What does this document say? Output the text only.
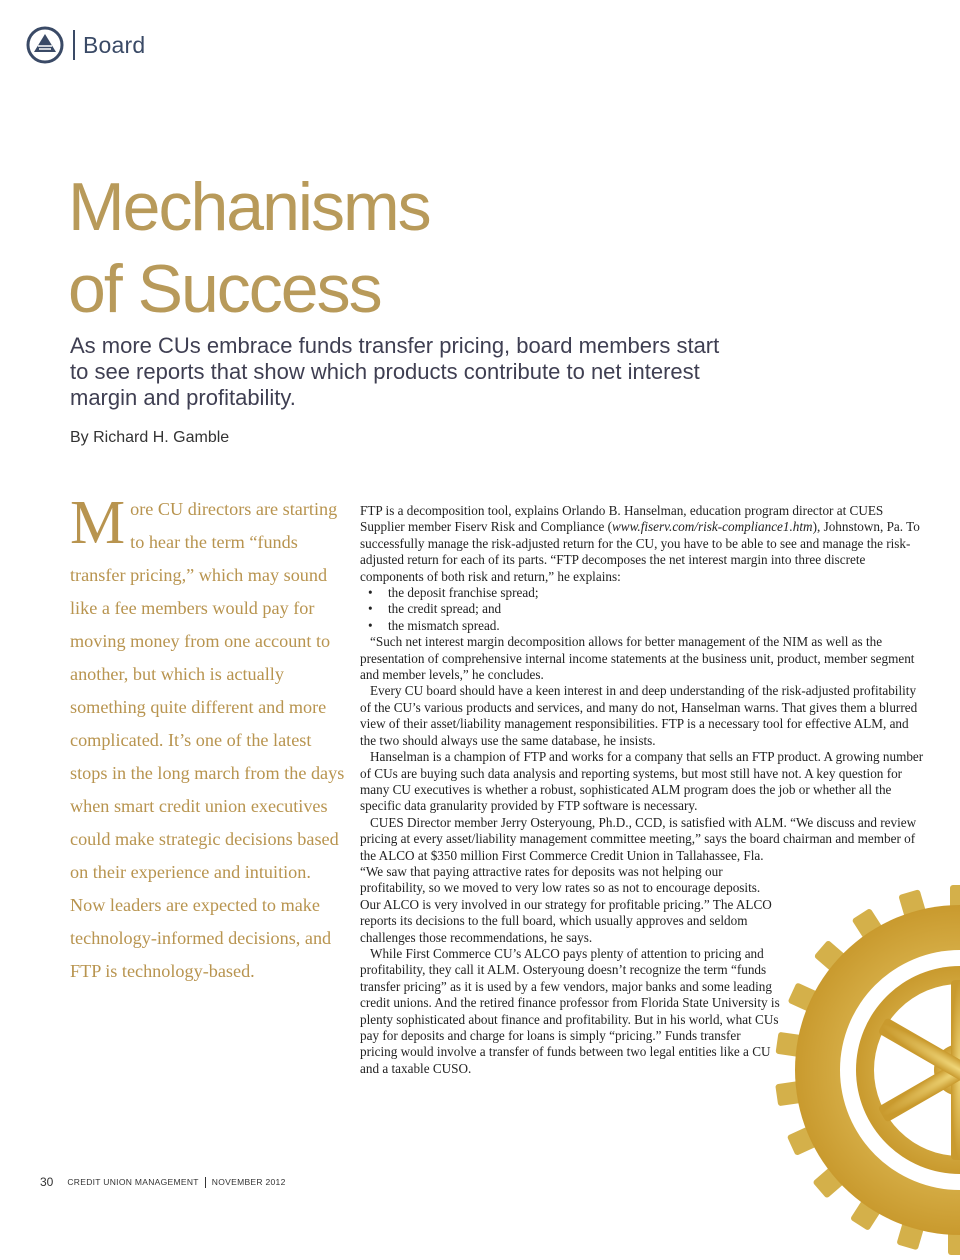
Board
Mechanisms
of Success

As more CUs embrace funds transfer pricing, board members start to see reports that show which products contribute to net interest margin and profitability.

By Richard H. Gamble

More CU directors are starting to hear the term “funds transfer pricing,” which may sound like a fee members would pay for moving money from one account to another, but which is actually something quite different and more complicated. It’s one of the latest stops in the long march from the days when smart credit union executives could make strategic decisions based on their experience and intuition. Now leaders are expected to make technology-informed decisions, and FTP is technology-based.

FTP is a decomposition tool, explains Orlando B. Hanselman, education program director at CUES Supplier member Fiserv Risk and Compliance (www.fiserv.com/risk-compliance1.htm), Johnstown, Pa. To successfully manage the risk-adjusted return for the CU, you have to be able to see and manage the risk-adjusted return for each of its parts. “FTP decomposes the net interest margin into three discrete components of both risk and return,” he explains:

• the deposit franchise spread;
• the credit spread; and
• the mismatch spread.

“Such net interest margin decomposition allows for better management of the NIM as well as the presentation of comprehensive internal income statements at the business unit, product, member segment and member levels,” he concludes.

Every CU board should have a keen interest in and deep understanding of the risk-adjusted profitability of the CU’s various products and services, and many do not, Hanselman warns. That gives them a blurred view of their asset/liability management responsibilities. FTP is a necessary tool for effective ALM, and the two should always use the same database, he insists.

Hanselman is a champion of FTP and works for a company that sells an FTP product. A growing number of CUs are buying such data analysis and reporting systems, but most still have not. A key question for many CU executives is whether a robust, sophisticated ALM program does the job or whether all the specific data granularity provided by FTP software is necessary.

CUES Director member Jerry Osteryoung, Ph.D., CCD, is satisfied with ALM. “We discuss and review pricing at every asset/liability management committee meeting,” says the board chairman and member of the ALCO at $350 million First Commerce Credit Union in Tallahassee, Fla.

“We saw that paying attractive rates for deposits was not helping our profitability, so we moved to very low rates so as not to encourage deposits. Our ALCO is very involved in our strategy for profitable pricing.” The ALCO reports its decisions to the full board, which usually approves and seldom challenges those recommendations, he says.

While First Commerce CU’s ALCO pays plenty of attention to pricing and profitability, they call it ALM. Osteryoung doesn’t recognize the term “funds transfer pricing” as it is used by a few vendors, major banks and some leading credit unions. And the retired finance professor from Florida State University is plenty sophisticated about finance and profitability. But in his world, what CUs pay for deposits and charge for loans is simply “pricing.” Funds transfer pricing would involve a transfer of funds between two legal entities like a CU and a taxable CUSO.

30 CREDIT UNION MANAGEMENT NOVEMBER 2012
